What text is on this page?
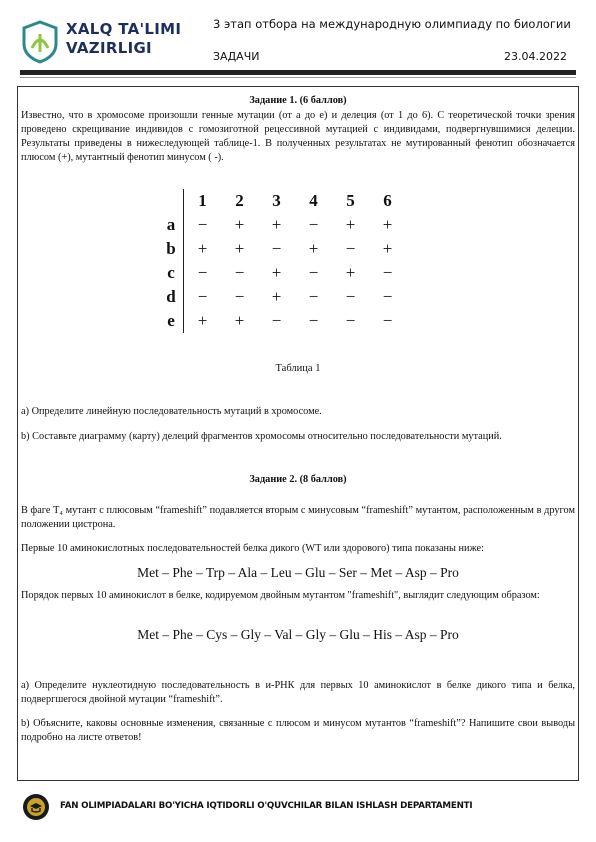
XALQ TA'LIMI
VAZIRLIGI
3 этап отбора на международную олимпиаду по биологии
ЗАДАЧИ	23.04.2022
Задание 1. (6 баллов)
Известно, что в хромосоме произошли генные мутации (от a до e) и делеция (от 1 до 6). С теоретической точки зрения проведено скрещивание индивидов с гомозиготной рецессивной мутацией с индивидами, подвергнувшимися делеции. Результаты приведены в нижеследующей таблице-1. В полученных результатах не мутированный фенотип обозначается плюсом (+), мутантный фенотип минусом ( -).
	1	2	3	4	5	6
a	−	+	+	−	+	+
b	+	+	−	+	−	+
c	−	−	+	−	+	−
d	−	−	+	−	−	−
e	+	+	−	−	−	−
Таблица 1
а) Определите линейную последовательность мутаций в хромосоме.
b) Составьте диаграмму (карту) делеций фрагментов хромосомы относительно последовательности мутаций.
Задание 2. (8 баллов)
В фаге T₄ мутант с плюсовым “frameshift” подавляется вторым с минусовым “frameshift” мутантом, расположенным в другом положении цистрона.
Первые 10 аминокислотных последовательностей белка дикого (WT или здорового) типа показаны ниже:
Met – Phe – Trp – Ala – Leu – Glu – Ser – Met – Asp – Pro
Порядок первых 10 аминокислот в белке, кодируемом двойным мутантом "frameshift", выглядит следующим образом:
Met – Phe – Cys – Gly – Val – Gly – Glu – His – Asp – Pro
а) Определите нуклеотидную последовательность в и-РНК для первых 10 аминокислот в белке дикого типа и белка, подвергшегося двойной мутации “frameshift”.
b) Объясните, каковы основные изменения, связанные с плюсом и минусом мутантов “frameshift”? Напишите свои выводы подробно на листе ответов!
FAN OLIMPIADALARI BO'YICHA IQTIDORLI O'QUVCHILAR BILAN ISHLASH DEPARTAMENTI
